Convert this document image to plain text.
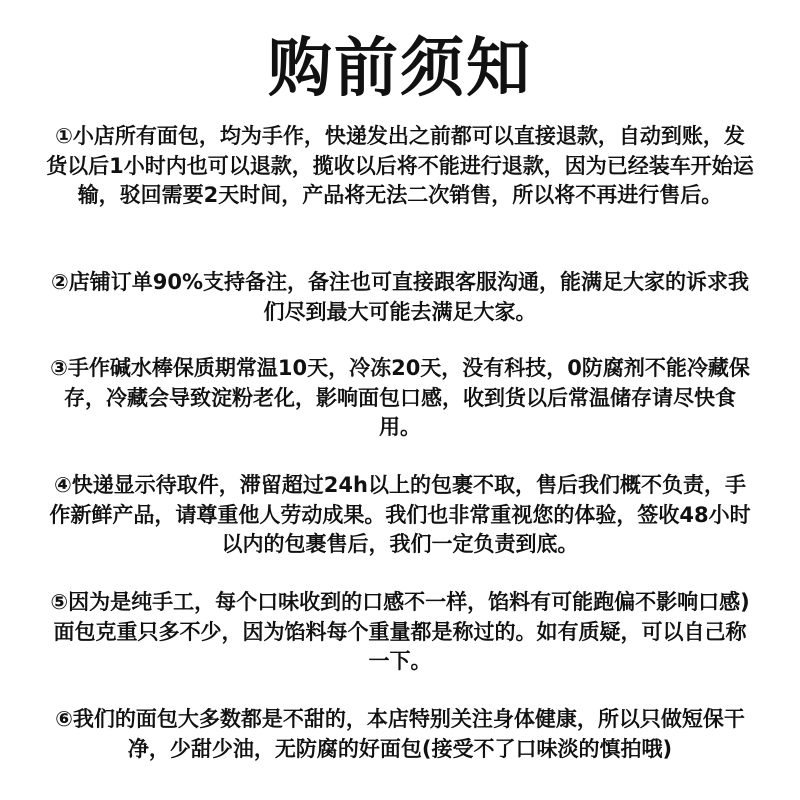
购前须知
①小店所有面包，均为手作，快递发出之前都可以直接退款，自动到账，发货以后1小时内也可以退款，揽收以后将不能进行退款，因为已经装车开始运输，驳回需要2天时间，产品将无法二次销售，所以将不再进行售后。
②店铺订单90%支持备注，备注也可直接跟客服沟通，能满足大家的诉求我们尽到最大可能去满足大家。
③手作碱水棒保质期常温10天，冷冻20天，没有科技，0防腐剂不能冷藏保存，冷藏会导致淀粉老化，影响面包口感，收到货以后常温储存请尽快食用。
④快递显示待取件，滞留超过24h以上的包裹不取，售后我们概不负责，手作新鲜产品，请尊重他人劳动成果。我们也非常重视您的体验，签收48小时以内的包裹售后，我们一定负责到底。
⑤因为是纯手工，每个口味收到的口感不一样，馅料有可能跑偏不影响口感)面包克重只多不少，因为馅料每个重量都是称过的。如有质疑，可以自己称一下。
⑥我们的面包大多数都是不甜的，本店特别关注身体健康，所以只做短保干净，少甜少油，无防腐的好面包(接受不了口味淡的慎拍哦)
